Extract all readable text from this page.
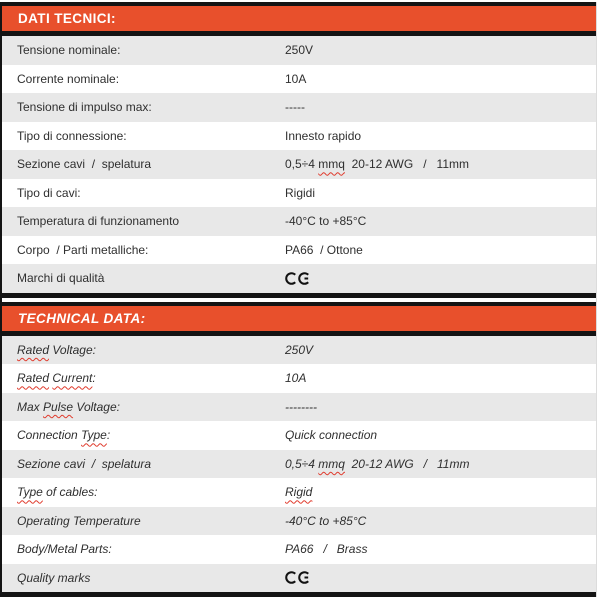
DATI TECNICI:
Tensione nominale:	250V
Corrente nominale:	10A
Tensione di impulso max:	-----
Tipo di connessione:	Innesto rapido
Sezione cavi  /  spelatura	0,5÷4 mmq 20-12 AWG   /   11mm
Tipo di cavi:	Rigidi
Temperatura di funzionamento	-40°C to +85°C
Corpo  / Parti metalliche:	PA66  / Ottone
Marchi di qualità
TECHNICAL DATA:
Rated Voltage:	250V
Rated Current:	10A
Max Pulse Voltage:	--------
Connection Type:	Quick connection
Sezione cavi  /  spelatura	0,5÷4 mmq 20-12 AWG   /   11mm
Type of cables:	Rigid
Operating Temperature	-40°C to +85°C
Body/Metal Parts:	PA66   /   Brass
Quality marks
